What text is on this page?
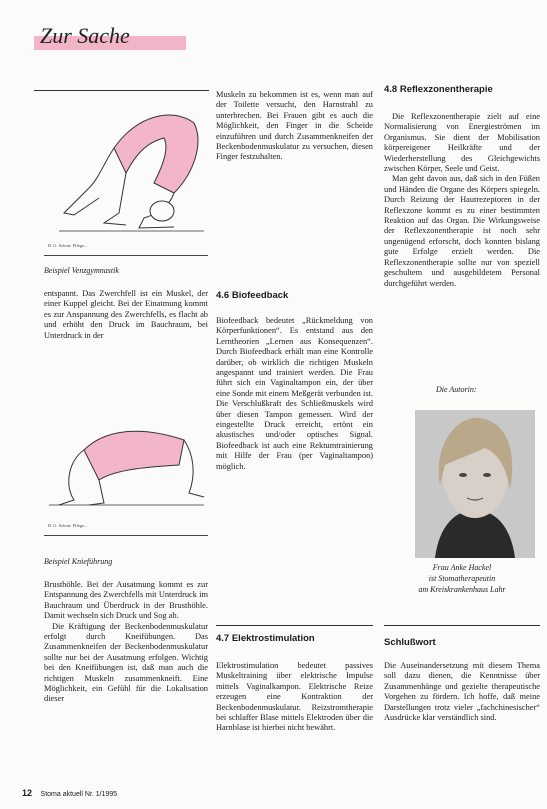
Zur Sache
B. G. Schott: Pflege...
Beispiel Venzgymnastik
entspannt. Das Zwerchfell ist ein Muskel, der einer Kuppel gleicht. Bei der Einatmung kommt es zur Anspannung des Zwerchfells, es flacht ab und erhöht den Druck im Bauchraum, bei Unterdruck in der
B. G. Schott: Pflege...
Beispiel Knieführung

Brusthöhle. Bei der Ausatmung kommt es zur Entspannung des Zwerchfells mit Unterdruck im Bauchraum und Überdruck in der Brusthöhle. Damit wechseln sich Druck und Sog ab.

Die Kräftigung der Beckenbodenmuskulatur erfolgt durch Kneifübungen. Das Zusammenkneifen der Beckenbodenmuskulatur sollte nur bei der Ausatmung erfolgen. Wichtig bei den Kneifübungen ist, daß man auch die richtigen Muskeln zusammenkneift. Eine Möglichkeit, ein Gefühl für die Lokalisation dieser

Muskeln zu bekommen ist es, wenn man auf der Toilette versucht, den Harnstrahl zu unterbrechen. Bei Frauen gibt es auch die Möglichkeit, den Finger in die Scheide einzuführen und durch Zusammenkneifen der Beckenbodenmuskulatur zu versuchen, diesen Finger festzuhalten.
4.6 Biofeedback
Biofeedback bedeutet „Rückmeldung von Körperfunktionen“. Es entstand aus den Lerntheorien „Lernen aus Konsequenzen“. Durch Biofeedback erhält man eine Kontrolle darüber, ob wirklich die richtigen Muskeln angespannt und trainiert werden. Die Frau führt sich ein Vaginaltampon ein, der über eine Sonde mit einem Meßgerät verbunden ist. Die Verschlußkraft des Schließmuskels wird über diesen Tampon gemessen. Wird der eingestellte Druck erreicht, ertönt ein akustisches und/oder optisches Signal. Biofeedback ist auch eine Rektumtrainierung mit Hilfe der Frau (per Vaginaltampon) möglich.
4.7 Elektrostimulation
Elektrostimulation bedeutet passives Muskeltraining über elektrische Impulse mittels Vaginalkampon. Elektrische Reize erzeugen eine Kontraktion der Beckenbodenmuskulatur. Reizstromtherapie bei schlaffer Blase mittels Elektroden über die Harnblase ist hierbei nicht bewährt.
4.8 Reflexzonentherapie

Die Reflexzonentherapie zielt auf eine Normalisierung von Energieströmen im Organismus. Sie dient der Mobilisation körpereigener Heilkräfte und der Wiederherstellung des Gleichgewichts zwischen Körper, Seele und Geist.

Man geht davon aus, daß sich in den Füßen und Händen die Organe des Körpers spiegeln. Durch Reizung der Hautrezeptoren in der Reflexzone kommt es zu einer bestimmten Reaktion auf das Organ. Die Wirkungsweise der Reflexzonentherapie ist noch sehr ungenügend erforscht, doch konnten bislang gute Erfolge erzielt werden. Die Reflexzonentherapie sollte nur von speziell geschultem und ausgebildetem Personal durchgeführt werden.

Die Autorin:
Frau Anke Hackel
ist Stomatherapeutin
am Kreiskrankenhaus Lahr
Schlußwort
Die Auseinandersetzung mit diesem Thema soll dazu dienen, die Kenntnisse über Zusammenhänge und gezielte therapeutische Vorgehen zu fördern. Ich hoffe, daß meine Darstellungen trotz vieler „fachchinesischer“ Ausdrücke klar verständlich sind.
12 Stoma aktuell Nr. 1/1995
